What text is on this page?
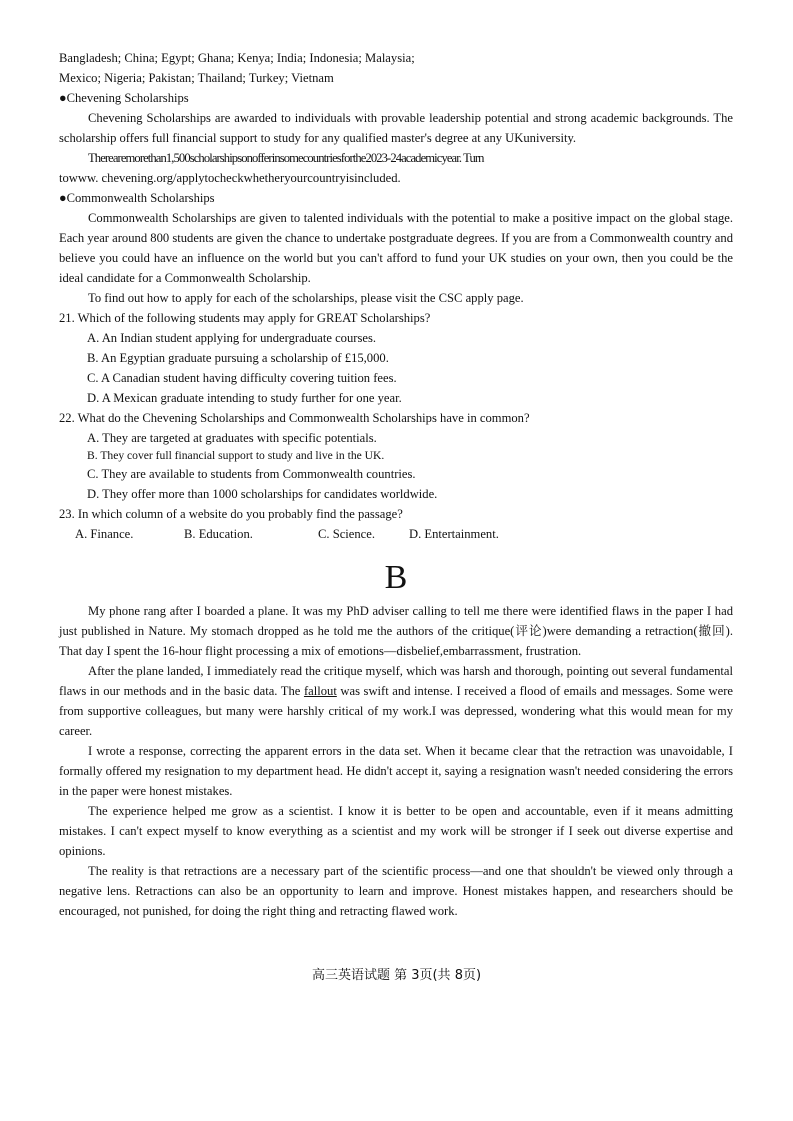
Bangladesh; China; Egypt; Ghana; Kenya; India; Indonesia; Malaysia;
Mexico; Nigeria; Pakistan; Thailand; Turkey; Vietnam
●Chevening Scholarships
Chevening Scholarships are awarded to individuals with provable leadership potential and strong academic backgrounds. The scholarship offers full financial support to study for any qualified master's degree at any UKuniversity.
Therearemorethan1,500scholarshipsonofferinsomecountriesforthe2023-24academicyear. Turn
towww. chevening.org/applytocheckwhetheryourcountryisincluded.
●Commonwealth Scholarships
Commonwealth Scholarships are given to talented individuals with the potential to make a positive impact on the global stage. Each year around 800 students are given the chance to undertake postgraduate degrees. If you are from a Commonwealth country and believe you could have an influence on the world but you can't afford to fund your UK studies on your own, then you could be the ideal candidate for a Commonwealth Scholarship.
To find out how to apply for each of the scholarships, please visit the CSC apply page.
21. Which of the following students may apply for GREAT Scholarships?
A. An Indian student applying for undergraduate courses.
B. An Egyptian graduate pursuing a scholarship of £15,000.
C. A Canadian student having difficulty covering tuition fees.
D. A Mexican graduate intending to study further for one year.
22. What do the Chevening Scholarships and Commonwealth Scholarships have in common?
A. They are targeted at graduates with specific potentials.
B. They cover full financial support to study and live in the UK.
C. They are available to students from Commonwealth countries.
D. They offer more than 1000 scholarships for candidates worldwide.
23. In which column of a website do you probably find the passage?
A. Finance.	B. Education.	C. Science.	D. Entertainment.
B
My phone rang after I boarded a plane. It was my PhD adviser calling to tell me there were identified flaws in the paper I had just published in Nature. My stomach dropped as he told me the authors of the critique(评论)were demanding a retraction(撤回). That day I spent the 16-hour flight processing a mix of emotions—disbelief,embarrassment, frustration.
After the plane landed, I immediately read the critique myself, which was harsh and thorough, pointing out several fundamental flaws in our methods and in the basic data. The fallout was swift and intense. I received a flood of emails and messages. Some were from supportive colleagues, but many were harshly critical of my work.I was depressed, wondering what this would mean for my career.
I wrote a response, correcting the apparent errors in the data set. When it became clear that the retraction was unavoidable, I formally offered my resignation to my department head. He didn't accept it, saying a resignation wasn't needed considering the errors in the paper were honest mistakes.
The experience helped me grow as a scientist. I know it is better to be open and accountable, even if it means admitting mistakes. I can't expect myself to know everything as a scientist and my work will be stronger if I seek out diverse expertise and opinions.
The reality is that retractions are a necessary part of the scientific process—and one that shouldn't be viewed only through a negative lens. Retractions can also be an opportunity to learn and improve. Honest mistakes happen, and researchers should be encouraged, not punished, for doing the right thing and retracting flawed work.
高三英语试题 第 3页(共 8页)
